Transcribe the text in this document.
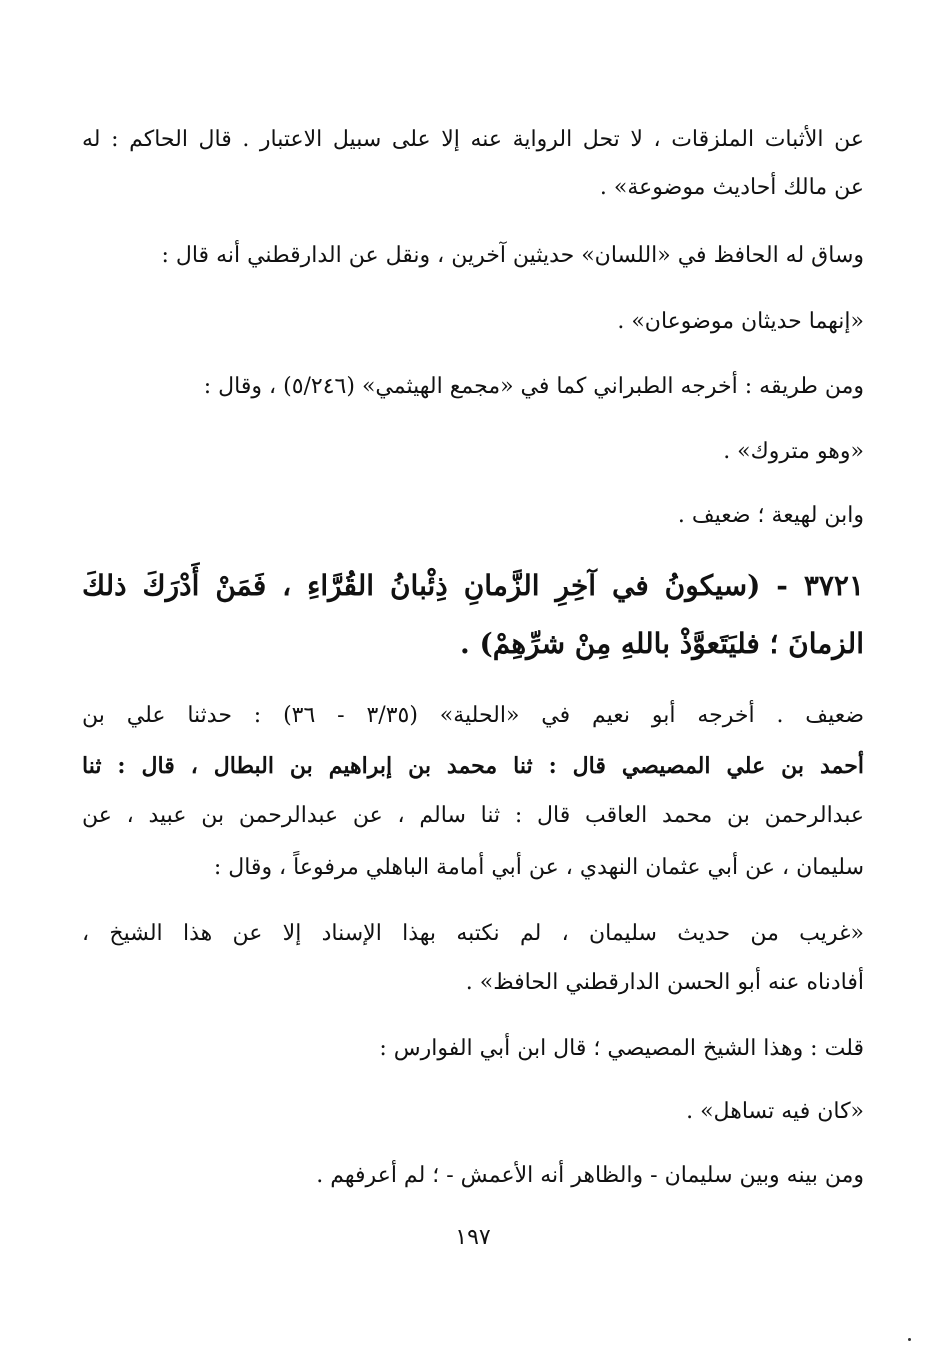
عن الأثبات الملزقات ، لا تحل الرواية عنه إلا على سبيل الاعتبار . قال الحاكم : له
عن مالك أحاديث موضوعة» .
وساق له الحافظ في «اللسان» حديثين آخرين ، ونقل عن الدارقطني أنه قال :
«إنهما حديثان موضوعان» .
ومن طريقه : أخرجه الطبراني كما في «مجمع الهيثمي» (٥/٢٤٦) ، وقال :
«وهو متروك» .
وابن لهيعة ؛ ضعيف .
٣٧٢١ - (سيكونُ في آخِرِ الزَّمانِ ذِئْبانُ القُرَّاءِ ، فَمَنْ أَدْرَكَ ذلكَ
الزمانَ ؛ فليَتَعوَّذْ باللهِ مِنْ شرِّهِمْ) .
ضعيف . أخرجه أبو نعيم في «الحلية» (٣/٣٥ - ٣٦) : حدثنا علي بن
أحمد بن علي المصيصي قال : ثنا محمد بن إبراهيم بن البطال ، قال : ثنا
عبدالرحمن بن محمد العاقب قال : ثنا سالم ، عن عبدالرحمن بن عبيد ، عن
سليمان ، عن أبي عثمان النهدي ، عن أبي أمامة الباهلي مرفوعاً ، وقال :
«غريب من حديث سليمان ، لم نكتبه بهذا الإسناد إلا عن هذا الشيخ ،
أفادناه عنه أبو الحسن الدارقطني الحافظ» .
قلت : وهذا الشيخ المصيصي ؛ قال ابن أبي الفوارس :
«كان فيه تساهل» .
ومن بينه وبين سليمان - والظاهر أنه الأعمش - ؛ لم أعرفهم .
١٩٧
